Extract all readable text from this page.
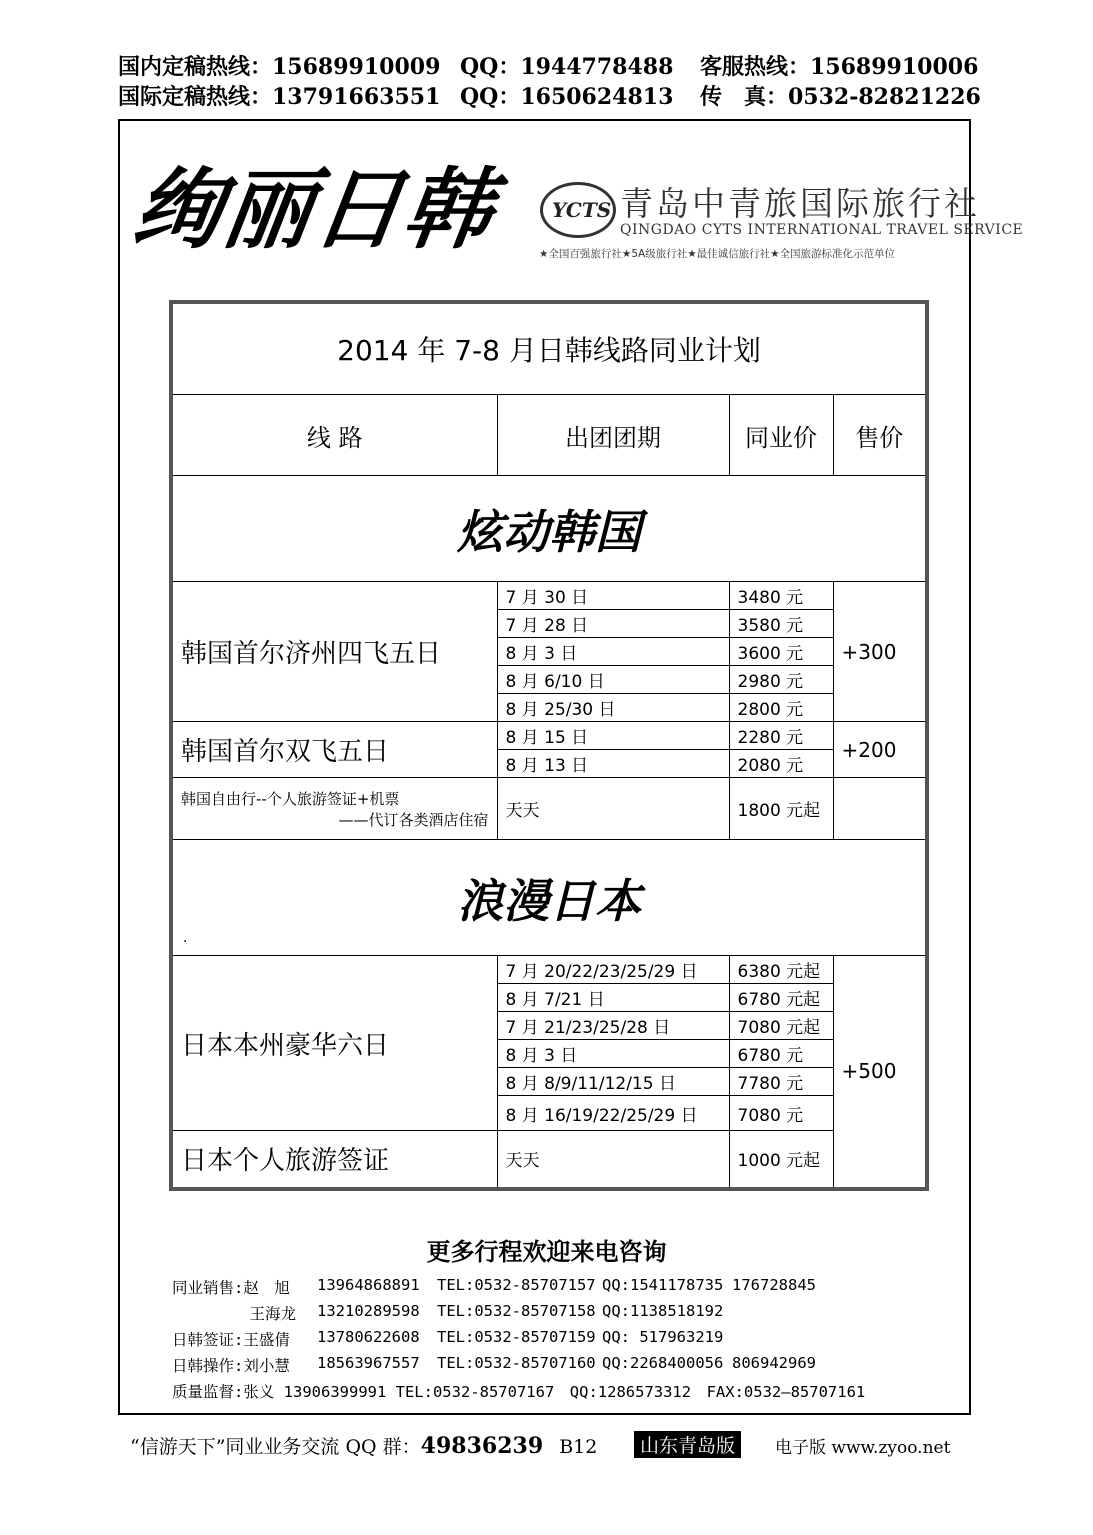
国内定稿热线：15689910009 QQ：1944778488 客服热线：15689910006
国际定稿热线：13791663551 QQ：1650624813 传　真：0532-82821226
绚丽日韩	YCTS 青岛中青旅国际旅行社
QINGDAO CYTS INTERNATIONAL TRAVEL SERVICE
★全国百强旅行社★5A级旅行社★最佳诚信旅行社★全国旅游标准化示范单位
2014 年 7-8 月日韩线路同业计划			
线 路	出团团期	同业价	售价
炫动韩国			
韩国首尔济州四飞五日	7 月 30 日	3480 元	+300
	7 月 28 日	3580 元	
	8 月 3 日	3600 元	
	8 月 6/10 日	2980 元	
	8 月 25/30 日	2800 元	
韩国首尔双飞五日	8 月 15 日	2280 元	+200
	8 月 13 日	2080 元	

韩国自由行--个人旅游签证+机票
——代订各类酒店住宿	天天	1800 元起	
浪漫日本			
日本本州豪华六日	7 月 20/22/23/25/29 日	6380 元起	+500
	8 月 7/21 日	6780 元起	
	7 月 21/23/25/28 日	7080 元起	
	8 月 3 日	6780 元	
	8 月 8/9/11/12/15 日	7780 元	
	8 月 16/19/22/25/29 日	7080 元	
日本个人旅游签证	天天	1000 元起	
.
更多行程欢迎来电咨询
同业销售:赵　旭 13964868891 TEL:0532-85707157 QQ:1541178735 176728845
　　　　　王海龙 13210289598 TEL:0532-85707158 QQ:1138518192
日韩签证:王盛倩 13780622608 TEL:0532-85707159 QQ: 517963219
日韩操作:刘小慧 18563967557 TEL:0532-85707160 QQ:2268400056 806942969
质量监督:张义 13906399991 TEL:0532-85707167　QQ:1286573312　FAX:0532—85707161
“信游天下”同业业务交流 QQ 群：49836239 B12	山东青岛版	电子版 www.zyoo.net
